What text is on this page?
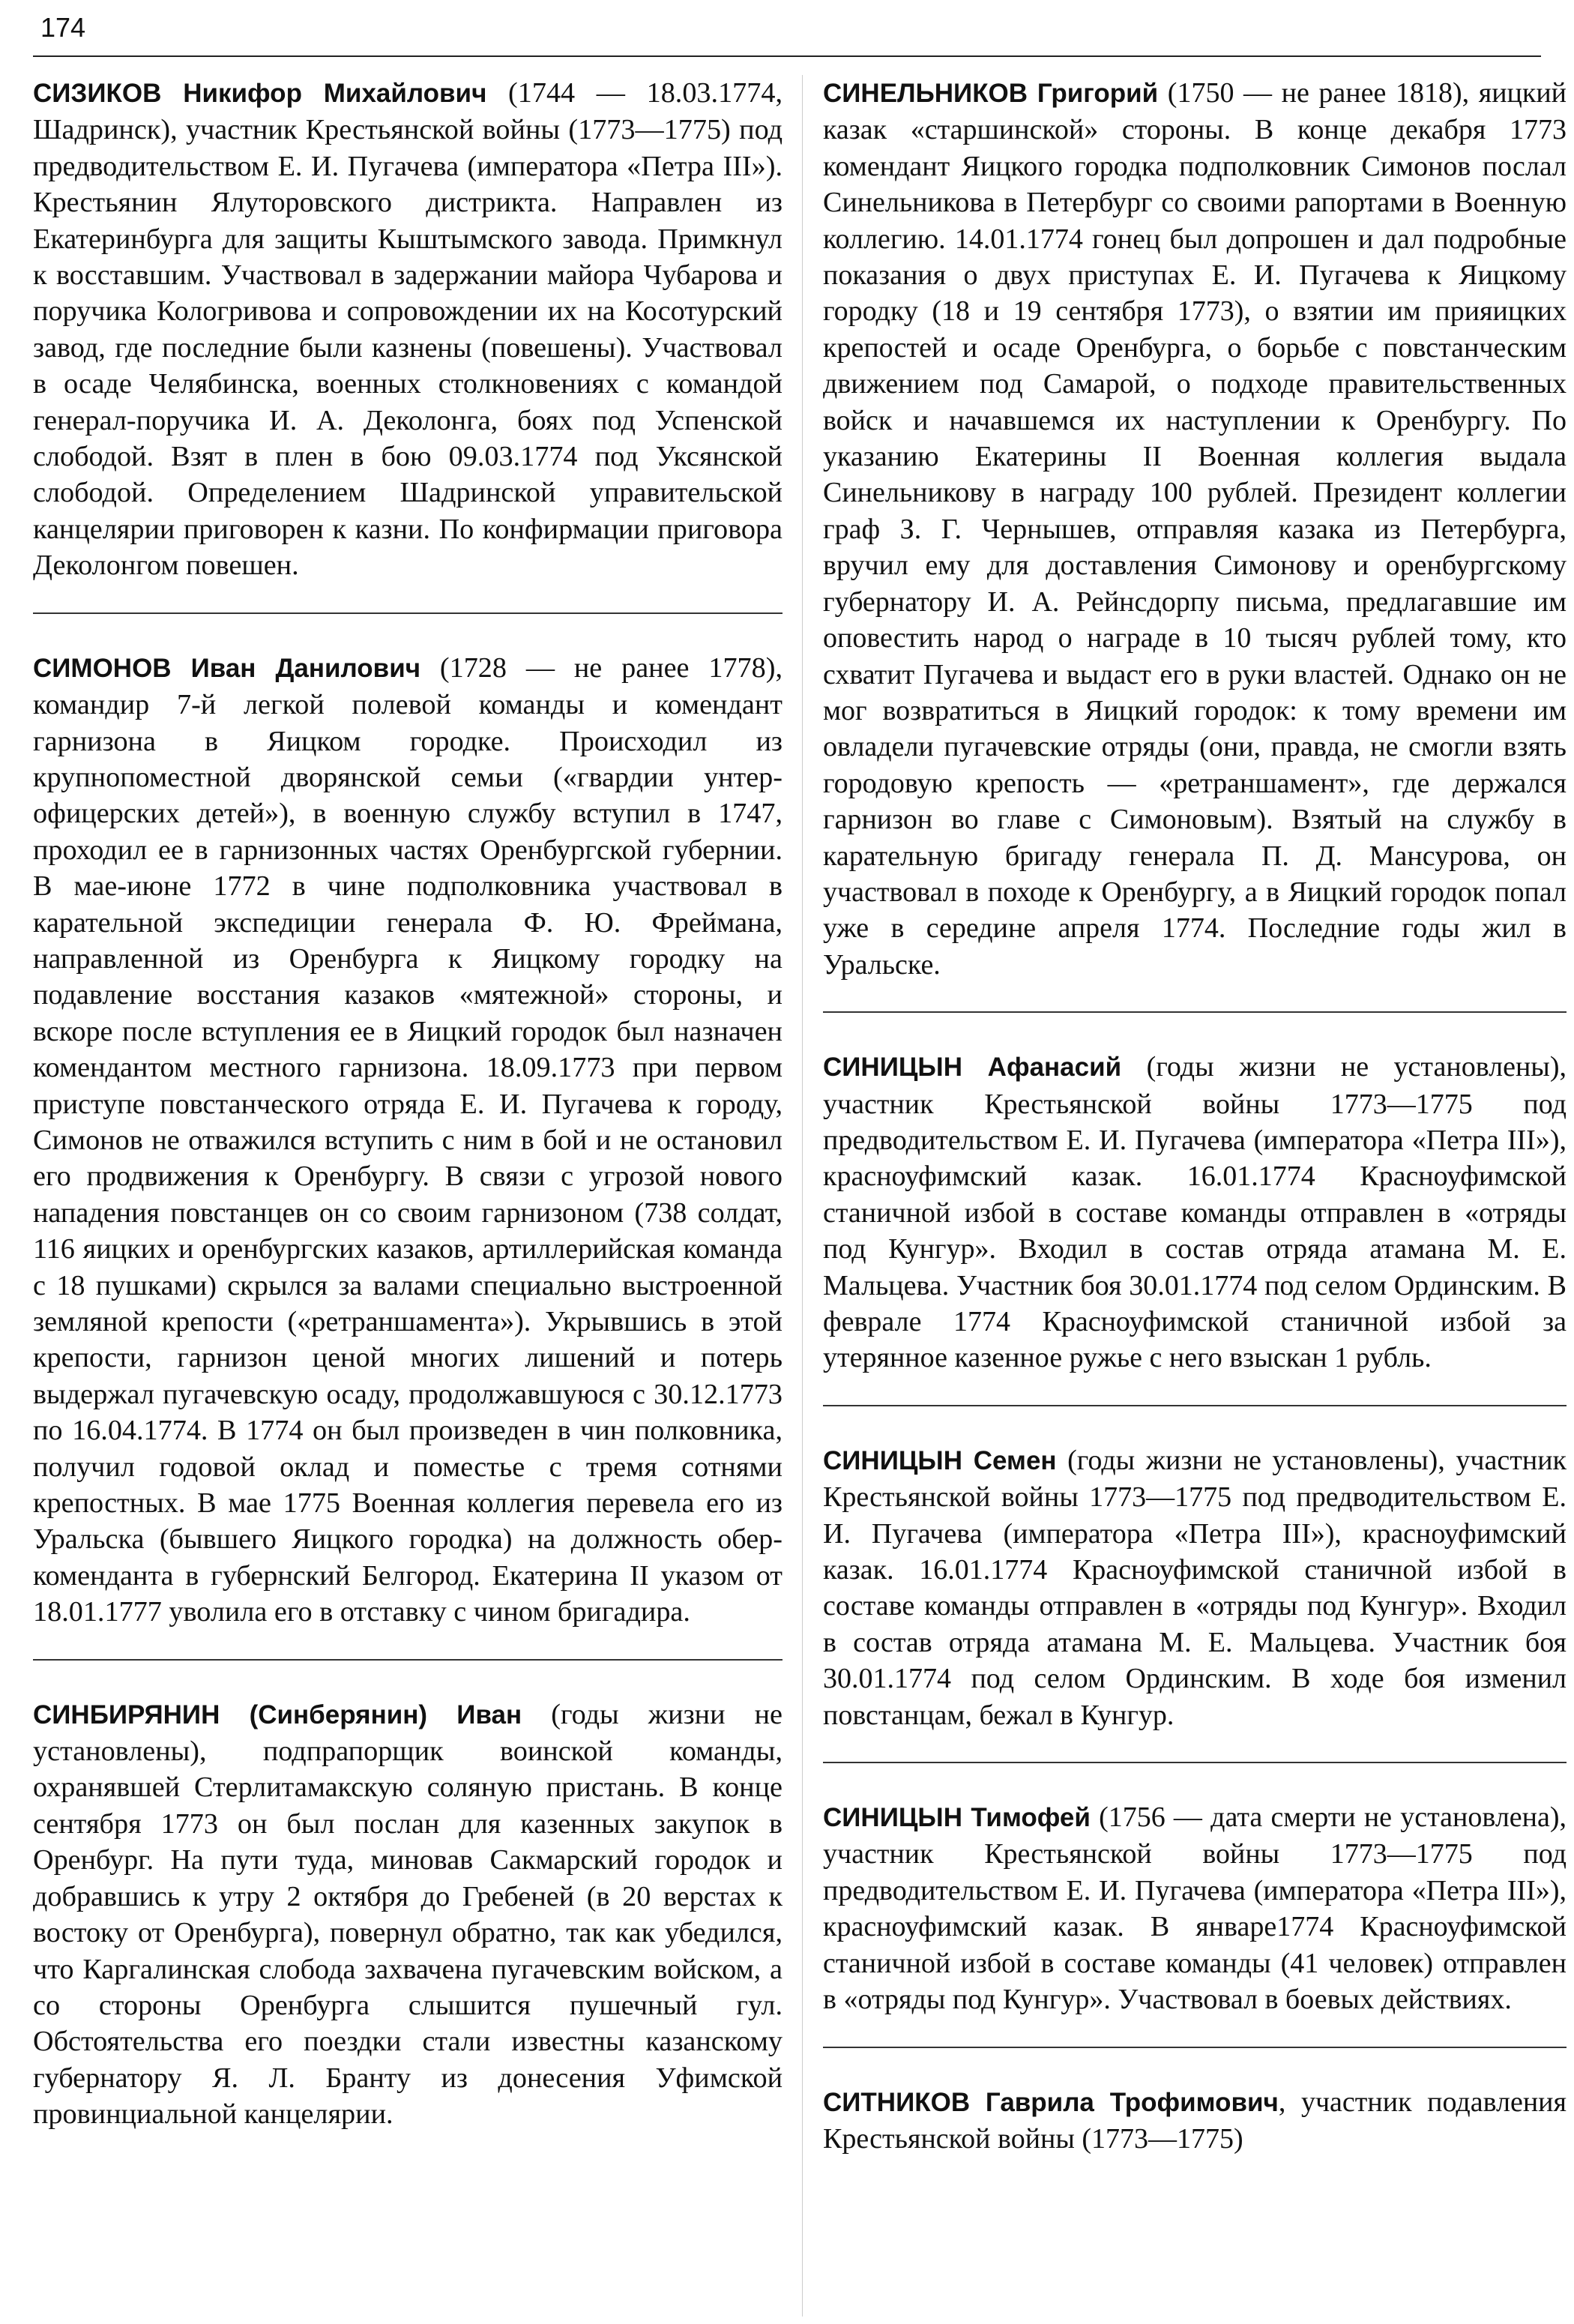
174

СИЗИКОВ Никифор Михайлович (1744 — 18.03.1774, Шадринск), участник Крестьянской войны (1773—1775) под предводительством Е. И. Пугачева (императора «Петра III»). Крестьянин Ялуторовского дистрикта. Направлен из Екатеринбурга для защиты Кыштымского завода. Примкнул к восставшим. Участвовал в задержании майора Чубарова и поручика Кологривова и сопровождении их на Косотурский завод, где последние были казнены (повешены). Участвовал в осаде Челябинска, военных столкновениях с командой генерал-поручика И. А. Деколонга, боях под Успенской слободой. Взят в плен в бою 09.03.1774 под Уксянской слободой. Определением Шадринской управительской канцелярии приговорен к казни. По конфирмации приговора Деколонгом повешен.

СИМОНОВ Иван Данилович (1728 — не ранее 1778), командир 7-й легкой полевой команды и комендант гарнизона в Яицком городке. Происходил из крупнопоместной дворянской семьи («гвардии унтер-офицерских детей»), в военную службу вступил в 1747, проходил ее в гарнизонных частях Оренбургской губернии. В мае-июне 1772 в чине подполковника участвовал в карательной экспедиции генерала Ф. Ю. Фреймана, направленной из Оренбурга к Яицкому городку на подавление восстания казаков «мятежной» стороны, и вскоре после вступления ее в Яицкий городок был назначен комендантом местного гарнизона. 18.09.1773 при первом приступе повстанческого отряда Е. И. Пугачева к городу, Симонов не отважился вступить с ним в бой и не остановил его продвижения к Оренбургу. В связи с угрозой нового нападения повстанцев он со своим гарнизоном (738 солдат, 116 яицких и оренбургских казаков, артиллерийская команда с 18 пушками) скрылся за валами специально выстроенной земляной крепости («ретраншамента»). Укрывшись в этой крепости, гарнизон ценой многих лишений и потерь выдержал пугачевскую осаду, продолжавшуюся с 30.12.1773 по 16.04.1774. В 1774 он был произведен в чин полковника, получил годовой оклад и поместье с тремя сотнями крепостных. В мае 1775 Военная коллегия перевела его из Уральска (бывшего Яицкого городка) на должность обер-коменданта в губернский Белгород. Екатерина II указом от 18.01.1777 уволила его в отставку с чином бригадира.

СИНБИРЯНИН (Синберянин) Иван (годы жизни не установлены), подпрапорщик воинской команды, охранявшей Стерлитамакскую соляную пристань. В конце сентября 1773 он был послан для казенных закупок в Оренбург. На пути туда, миновав Сакмарский городок и добравшись к утру 2 октября до Гребеней (в 20 верстах к востоку от Оренбурга), повернул обратно, так как убедился, что Каргалинская слобода захвачена пугачевским войском, а со стороны Оренбурга слышится пушечный гул. Обстоятельства его поездки стали известны казанскому губернатору Я. Л. Бранту из донесения Уфимской провинциальной канцелярии.

СИНЕЛЬНИКОВ Григорий (1750 — не ранее 1818), яицкий казак «старшинской» стороны. В конце декабря 1773 комендант Яицкого городка подполковник Симонов послал Синельникова в Петербург со своими рапортами в Военную коллегию. 14.01.1774 гонец был допрошен и дал подробные показания о двух приступах Е. И. Пугачева к Яицкому городку (18 и 19 сентября 1773), о взятии им прияицких крепостей и осаде Оренбурга, о борьбе с повстанческим движением под Самарой, о подходе правительственных войск и начавшемся их наступлении к Оренбургу. По указанию Екатерины II Военная коллегия выдала Синельникову в награду 100 рублей. Президент коллегии граф З. Г. Чернышев, отправляя казака из Петербурга, вручил ему для доставления Симонову и оренбургскому губернатору И. А. Рейнсдорпу письма, предлагавшие им оповестить народ о награде в 10 тысяч рублей тому, кто схватит Пугачева и выдаст его в руки властей. Однако он не мог возвратиться в Яицкий городок: к тому времени им овладели пугачевские отряды (они, правда, не смогли взять городовую крепость — «ретраншамент», где держался гарнизон во главе с Симоновым). Взятый на службу в карательную бригаду генерала П. Д. Мансурова, он участвовал в походе к Оренбургу, а в Яицкий городок попал уже в середине апреля 1774. Последние годы жил в Уральске.

СИНИЦЫН Афанасий (годы жизни не установлены), участник Крестьянской войны 1773—1775 под предводительством Е. И. Пугачева (императора «Петра III»), красноуфимский казак. 16.01.1774 Красноуфимской станичной избой в составе команды отправлен в «отряды под Кунгур». Входил в состав отряда атамана М. Е. Мальцева. Участник боя 30.01.1774 под селом Ординским. В феврале 1774 Красноуфимской станичной избой за утерянное казенное ружье с него взыскан 1 рубль.

СИНИЦЫН Семен (годы жизни не установлены), участник Крестьянской войны 1773—1775 под предводительством Е. И. Пугачева (императора «Петра III»), красноуфимский казак. 16.01.1774 Красноуфимской станичной избой в составе команды отправлен в «отряды под Кунгур». Входил в состав отряда атамана М. Е. Мальцева. Участник боя 30.01.1774 под селом Ординским. В ходе боя изменил повстанцам, бежал в Кунгур.

СИНИЦЫН Тимофей (1756 — дата смерти не установлена), участник Крестьянской войны 1773—1775 под предводительством Е. И. Пугачева (императора «Петра III»), красноуфимский казак. В январе1774 Красноуфимской станичной избой в составе команды (41 человек) отправлен в «отряды под Кунгур». Участвовал в боевых действиях.

СИТНИКОВ Гаврила Трофимович, участник подавления Крестьянской войны (1773—1775)
